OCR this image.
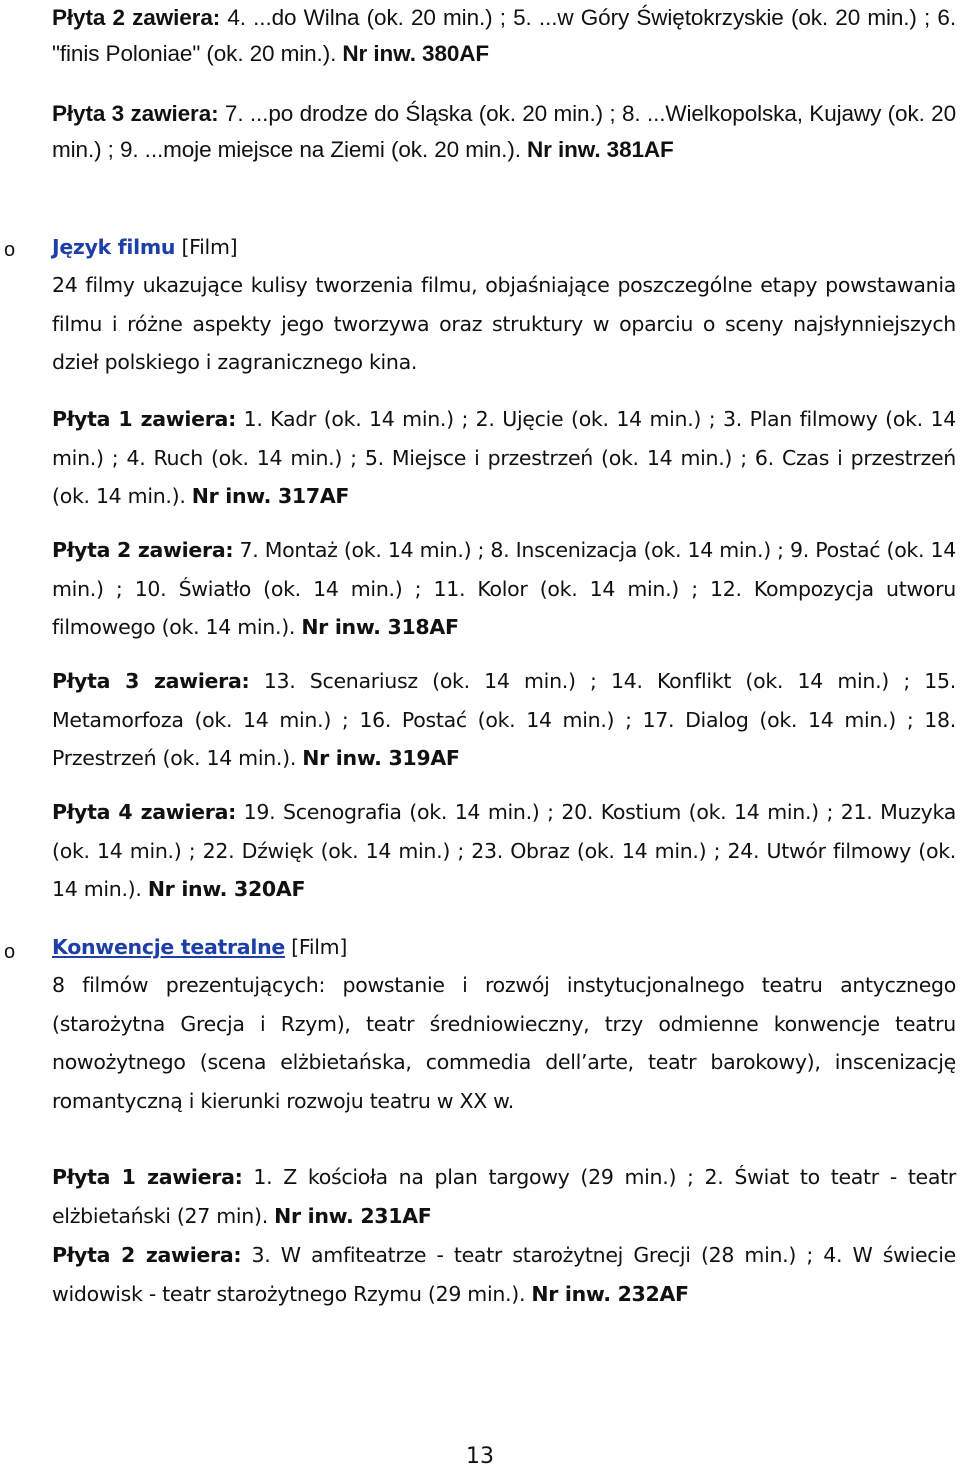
Płyta 2 zawiera: 4. ...do Wilna (ok. 20 min.) ; 5. ...w Góry Świętokrzyskie (ok. 20 min.) ; 6. "finis Poloniae" (ok. 20 min.). Nr inw. 380AF
Płyta 3 zawiera: 7. ...po drodze do Śląska (ok. 20 min.) ; 8. ...Wielkopolska, Kujawy (ok. 20 min.) ; 9. ...moje miejsce na Ziemi (ok. 20 min.). Nr inw. 381AF
o	Język filmu [Film]
24 filmy ukazujące kulisy tworzenia filmu, objaśniające poszczególne etapy powstawania filmu i różne aspekty jego tworzywa oraz struktury w oparciu o sceny najsłynniejszych dzieł polskiego i zagranicznego kina.
Płyta 1 zawiera: 1. Kadr (ok. 14 min.) ; 2. Ujęcie (ok. 14 min.) ; 3. Plan filmowy (ok. 14 min.) ; 4. Ruch (ok. 14 min.) ; 5. Miejsce i przestrzeń (ok. 14 min.) ; 6. Czas i przestrzeń (ok. 14 min.). Nr inw. 317AF
Płyta 2 zawiera: 7. Montaż (ok. 14 min.) ; 8. Inscenizacja (ok. 14 min.) ; 9. Postać (ok. 14 min.) ; 10. Światło (ok. 14 min.) ; 11. Kolor (ok. 14 min.) ; 12. Kompozycja utworu filmowego (ok. 14 min.). Nr inw. 318AF
Płyta 3 zawiera: 13. Scenariusz (ok. 14 min.) ; 14. Konflikt (ok. 14 min.) ; 15. Metamorfoza (ok. 14 min.) ; 16. Postać (ok. 14 min.) ; 17. Dialog (ok. 14 min.) ; 18. Przestrzeń (ok. 14 min.). Nr inw. 319AF
Płyta 4 zawiera: 19. Scenografia (ok. 14 min.) ; 20. Kostium (ok. 14 min.) ; 21. Muzyka (ok. 14 min.) ; 22. Dźwięk (ok. 14 min.) ; 23. Obraz (ok. 14 min.) ; 24. Utwór filmowy (ok. 14 min.). Nr inw. 320AF
o	Konwencje teatralne [Film]
8 filmów prezentujących: powstanie i rozwój instytucjonalnego teatru antycznego (starożytna Grecja i Rzym), teatr średniowieczny, trzy odmienne konwencje teatru nowożytnego (scena elżbietańska, commedia dell’arte, teatr barokowy), inscenizację romantyczną i kierunki rozwoju teatru w XX w.
Płyta 1 zawiera: 1. Z kościoła na plan targowy (29 min.) ; 2. Świat to teatr - teatr elżbietański (27 min). Nr inw. 231AF
Płyta 2 zawiera: 3. W amfiteatrze - teatr starożytnej Grecji (28 min.) ; 4. W świecie widowisk - teatr starożytnego Rzymu (29 min.). Nr inw. 232AF
13
